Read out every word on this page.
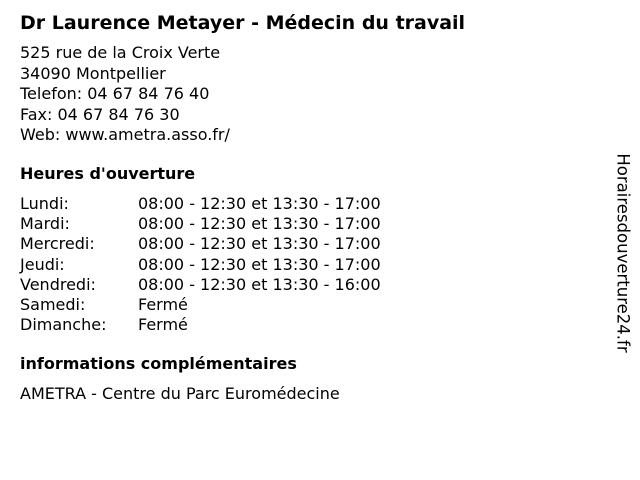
Dr Laurence Metayer - Médecin du travail
525 rue de la Croix Verte
34090 Montpellier
Telefon: 04 67 84 76 40
Fax: 04 67 84 76 30
Web: www.ametra.asso.fr/
Heures d'ouverture
Lundi:	08:00 - 12:30 et 13:30 - 17:00
Mardi:	08:00 - 12:30 et 13:30 - 17:00
Mercredi:	08:00 - 12:30 et 13:30 - 17:00
Jeudi:	08:00 - 12:30 et 13:30 - 17:00
Vendredi:	08:00 - 12:30 et 13:30 - 16:00
Samedi:	Fermé
Dimanche:	Fermé
informations complémentaires
AMETRA - Centre du Parc Euromédecine
Horairesdouverture24.fr
